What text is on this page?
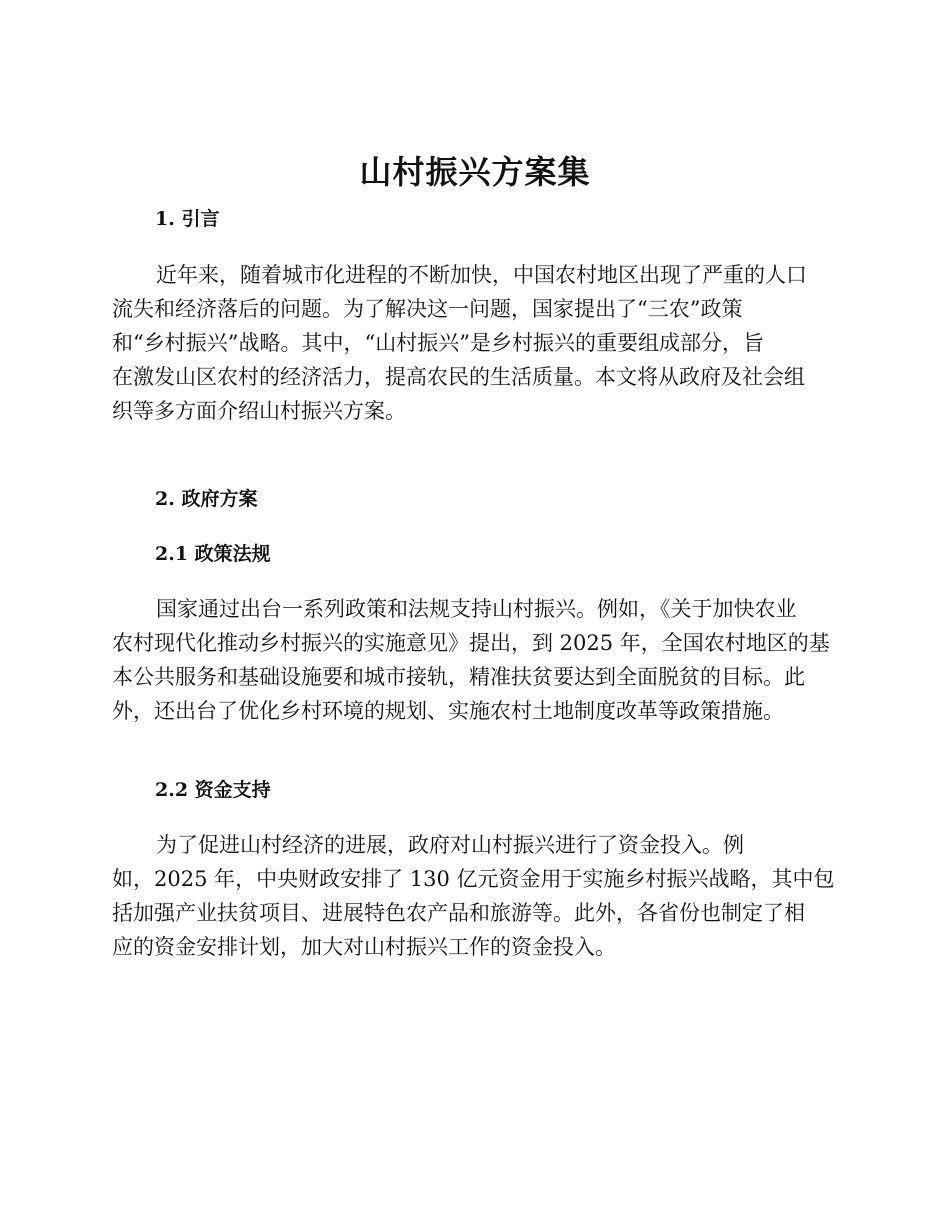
山村振兴方案集
1. 引言
近年来，随着城市化进程的不断加快，中国农村地区出现了严重的人口
流失和经济落后的问题。为了解决这一问题，国家提出了“三农”政策
和“乡村振兴”战略。其中，“山村振兴”是乡村振兴的重要组成部分，旨
在激发山区农村的经济活力，提高农民的生活质量。本文将从政府及社会组
织等多方面介绍山村振兴方案。
2. 政府方案
2.1 政策法规
国家通过出台一系列政策和法规支持山村振兴。例如，《关于加快农业
农村现代化推动乡村振兴的实施意见》提出，到 2025 年，全国农村地区的基
本公共服务和基础设施要和城市接轨，精准扶贫要达到全面脱贫的目标。此
外，还出台了优化乡村环境的规划、实施农村土地制度改革等政策措施。
2.2 资金支持
为了促进山村经济的进展，政府对山村振兴进行了资金投入。例
如，2025 年，中央财政安排了 130 亿元资金用于实施乡村振兴战略，其中包
括加强产业扶贫项目、进展特色农产品和旅游等。此外，各省份也制定了相
应的资金安排计划，加大对山村振兴工作的资金投入。
